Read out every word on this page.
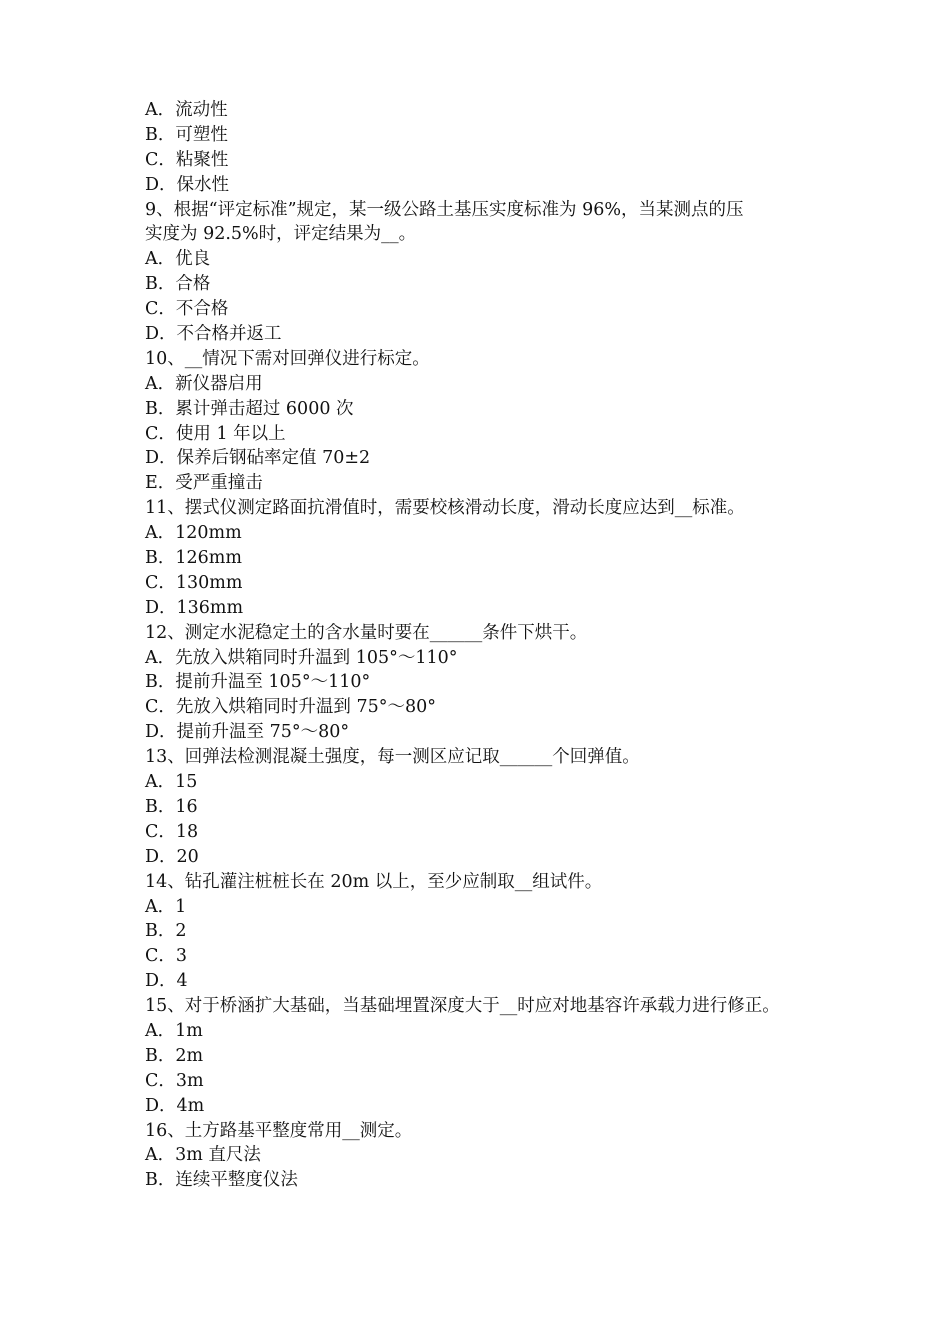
A．流动性
B．可塑性
C．粘聚性
D．保水性
9、根据“评定标准”规定，某一级公路土基压实度标准为 96%，当某测点的压
实度为 92.5%时，评定结果为__。
A．优良
B．合格
C．不合格
D．不合格并返工
10、__情况下需对回弹仪进行标定。
A．新仪器启用
B．累计弹击超过 6000 次
C．使用 1 年以上
D．保养后钢砧率定值 70±2
E．受严重撞击
11、摆式仪测定路面抗滑值时，需要校核滑动长度，滑动长度应达到__标准。
A．120mm
B．126mm
C．130mm
D．136mm
12、测定水泥稳定土的含水量时要在______条件下烘干。
A．先放入烘箱同时升温到 105°～110°
B．提前升温至 105°～110°
C．先放入烘箱同时升温到 75°～80°
D．提前升温至 75°～80°
13、回弹法检测混凝土强度，每一测区应记取______个回弹值。
A．15
B．16
C．18
D．20
14、钻孔灌注桩桩长在 20m 以上，至少应制取__组试件。
A．1
B．2
C．3
D．4
15、对于桥涵扩大基础，当基础埋置深度大于__时应对地基容许承载力进行修正。
A．1m
B．2m
C．3m
D．4m
16、土方路基平整度常用__测定。
A．3m 直尺法
B．连续平整度仪法
